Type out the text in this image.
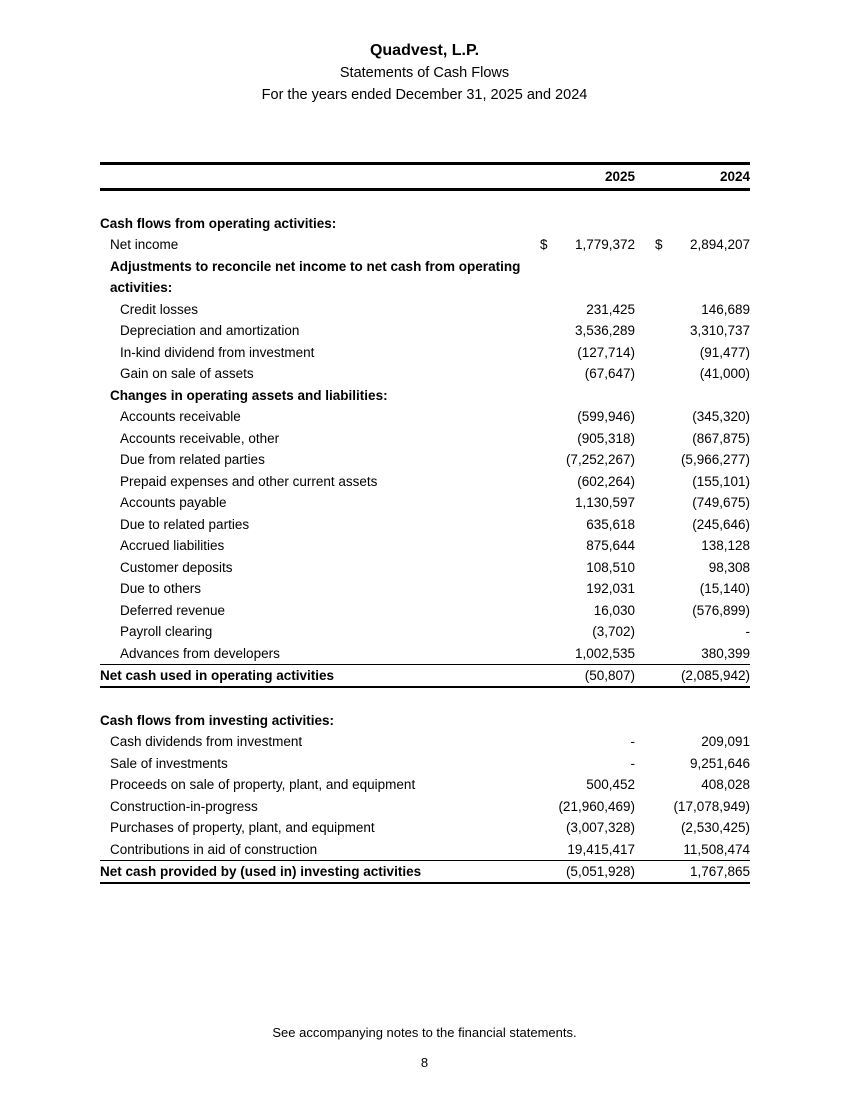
Quadvest, L.P.
Statements of Cash Flows
For the years ended December 31, 2025 and 2024
2025	2024
Cash flows from operating activities:
Net income	$ 1,779,372 $ 2,894,207
Adjustments to reconcile net income to net cash from operating
activities:
Credit losses	231,425	146,689
Depreciation and amortization	3,536,289	3,310,737
In-kind dividend from investment	(127,714)	(91,477)
Gain on sale of assets	(67,647)	(41,000)
Changes in operating assets and liabilities:
Accounts receivable	(599,946)	(345,320)
Accounts receivable, other	(905,318)	(867,875)
Due from related parties	(7,252,267)	(5,966,277)
Prepaid expenses and other current assets	(602,264)	(155,101)
Accounts payable	1,130,597	(749,675)
Due to related parties	635,618	(245,646)
Accrued liabilities	875,644	138,128
Customer deposits	108,510	98,308
Due to others	192,031	(15,140)
Deferred revenue	16,030	(576,899)
Payroll clearing	(3,702)	-
Advances from developers	1,002,535	380,399
Net cash used in operating activities	(50,807)	(2,085,942)
Cash flows from investing activities:
Cash dividends from investment	-	209,091
Sale of investments	-	9,251,646
Proceeds on sale of property, plant, and equipment	500,452	408,028
Construction-in-progress	(21,960,469)	(17,078,949)
Purchases of property, plant, and equipment	(3,007,328)	(2,530,425)
Contributions in aid of construction	19,415,417	11,508,474
Net cash provided by (used in) investing activities	(5,051,928)	1,767,865
See accompanying notes to the financial statements.
8
